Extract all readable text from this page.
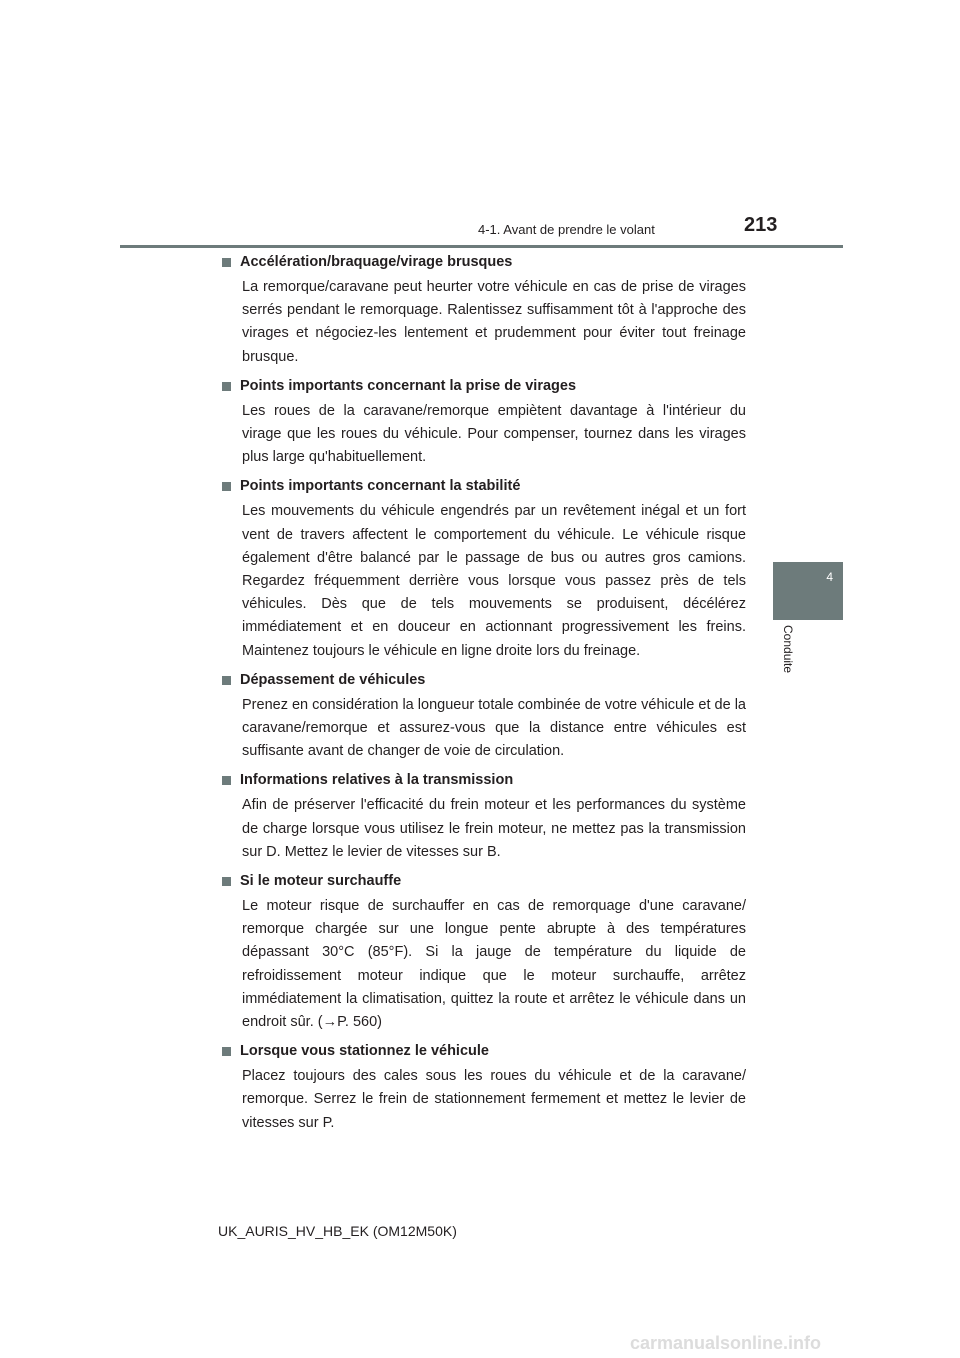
4-1. Avant de prendre le volant	213
4
Conduite
Accélération/braquage/virage brusques

La remorque/caravane peut heurter votre véhicule en cas de prise de virages serrés pendant le remorquage. Ralentissez suffisamment tôt à l'approche des virages et négociez-les lentement et prudemment pour éviter tout freinage brusque.

Points importants concernant la prise de virages

Les roues de la caravane/remorque empiètent davantage à l'intérieur du virage que les roues du véhicule. Pour compenser, tournez dans les virages plus large qu'habituellement.

Points importants concernant la stabilité

Les mouvements du véhicule engendrés par un revêtement inégal et un fort vent de travers affectent le comportement du véhicule. Le véhicule risque également d'être balancé par le passage de bus ou autres gros camions. Regardez fréquemment derrière vous lorsque vous passez près de tels véhicules. Dès que de tels mouvements se produisent, décélérez immédiatement et en douceur en actionnant progressivement les freins. Maintenez toujours le véhicule en ligne droite lors du freinage.

Dépassement de véhicules

Prenez en considération la longueur totale combinée de votre véhicule et de la caravane/remorque et assurez-vous que la distance entre véhicules est suffisante avant de changer de voie de circulation.

Informations relatives à la transmission

Afin de préserver l'efficacité du frein moteur et les performances du système de charge lorsque vous utilisez le frein moteur, ne mettez pas la transmission sur D. Mettez le levier de vitesses sur B.

Si le moteur surchauffe

Le moteur risque de surchauffer en cas de remorquage d'une caravane/ remorque chargée sur une longue pente abrupte à des températures dépassant 30°C (85°F). Si la jauge de température du liquide de refroidissement moteur indique que le moteur surchauffe, arrêtez immédiatement la climatisation, quittez la route et arrêtez le véhicule dans un endroit sûr. (→P. 560)

Lorsque vous stationnez le véhicule

Placez toujours des cales sous les roues du véhicule et de la caravane/ remorque. Serrez le frein de stationnement fermement et mettez le levier de vitesses sur P.

UK_AURIS_HV_HB_EK (OM12M50K)
carmanualsonline.info
